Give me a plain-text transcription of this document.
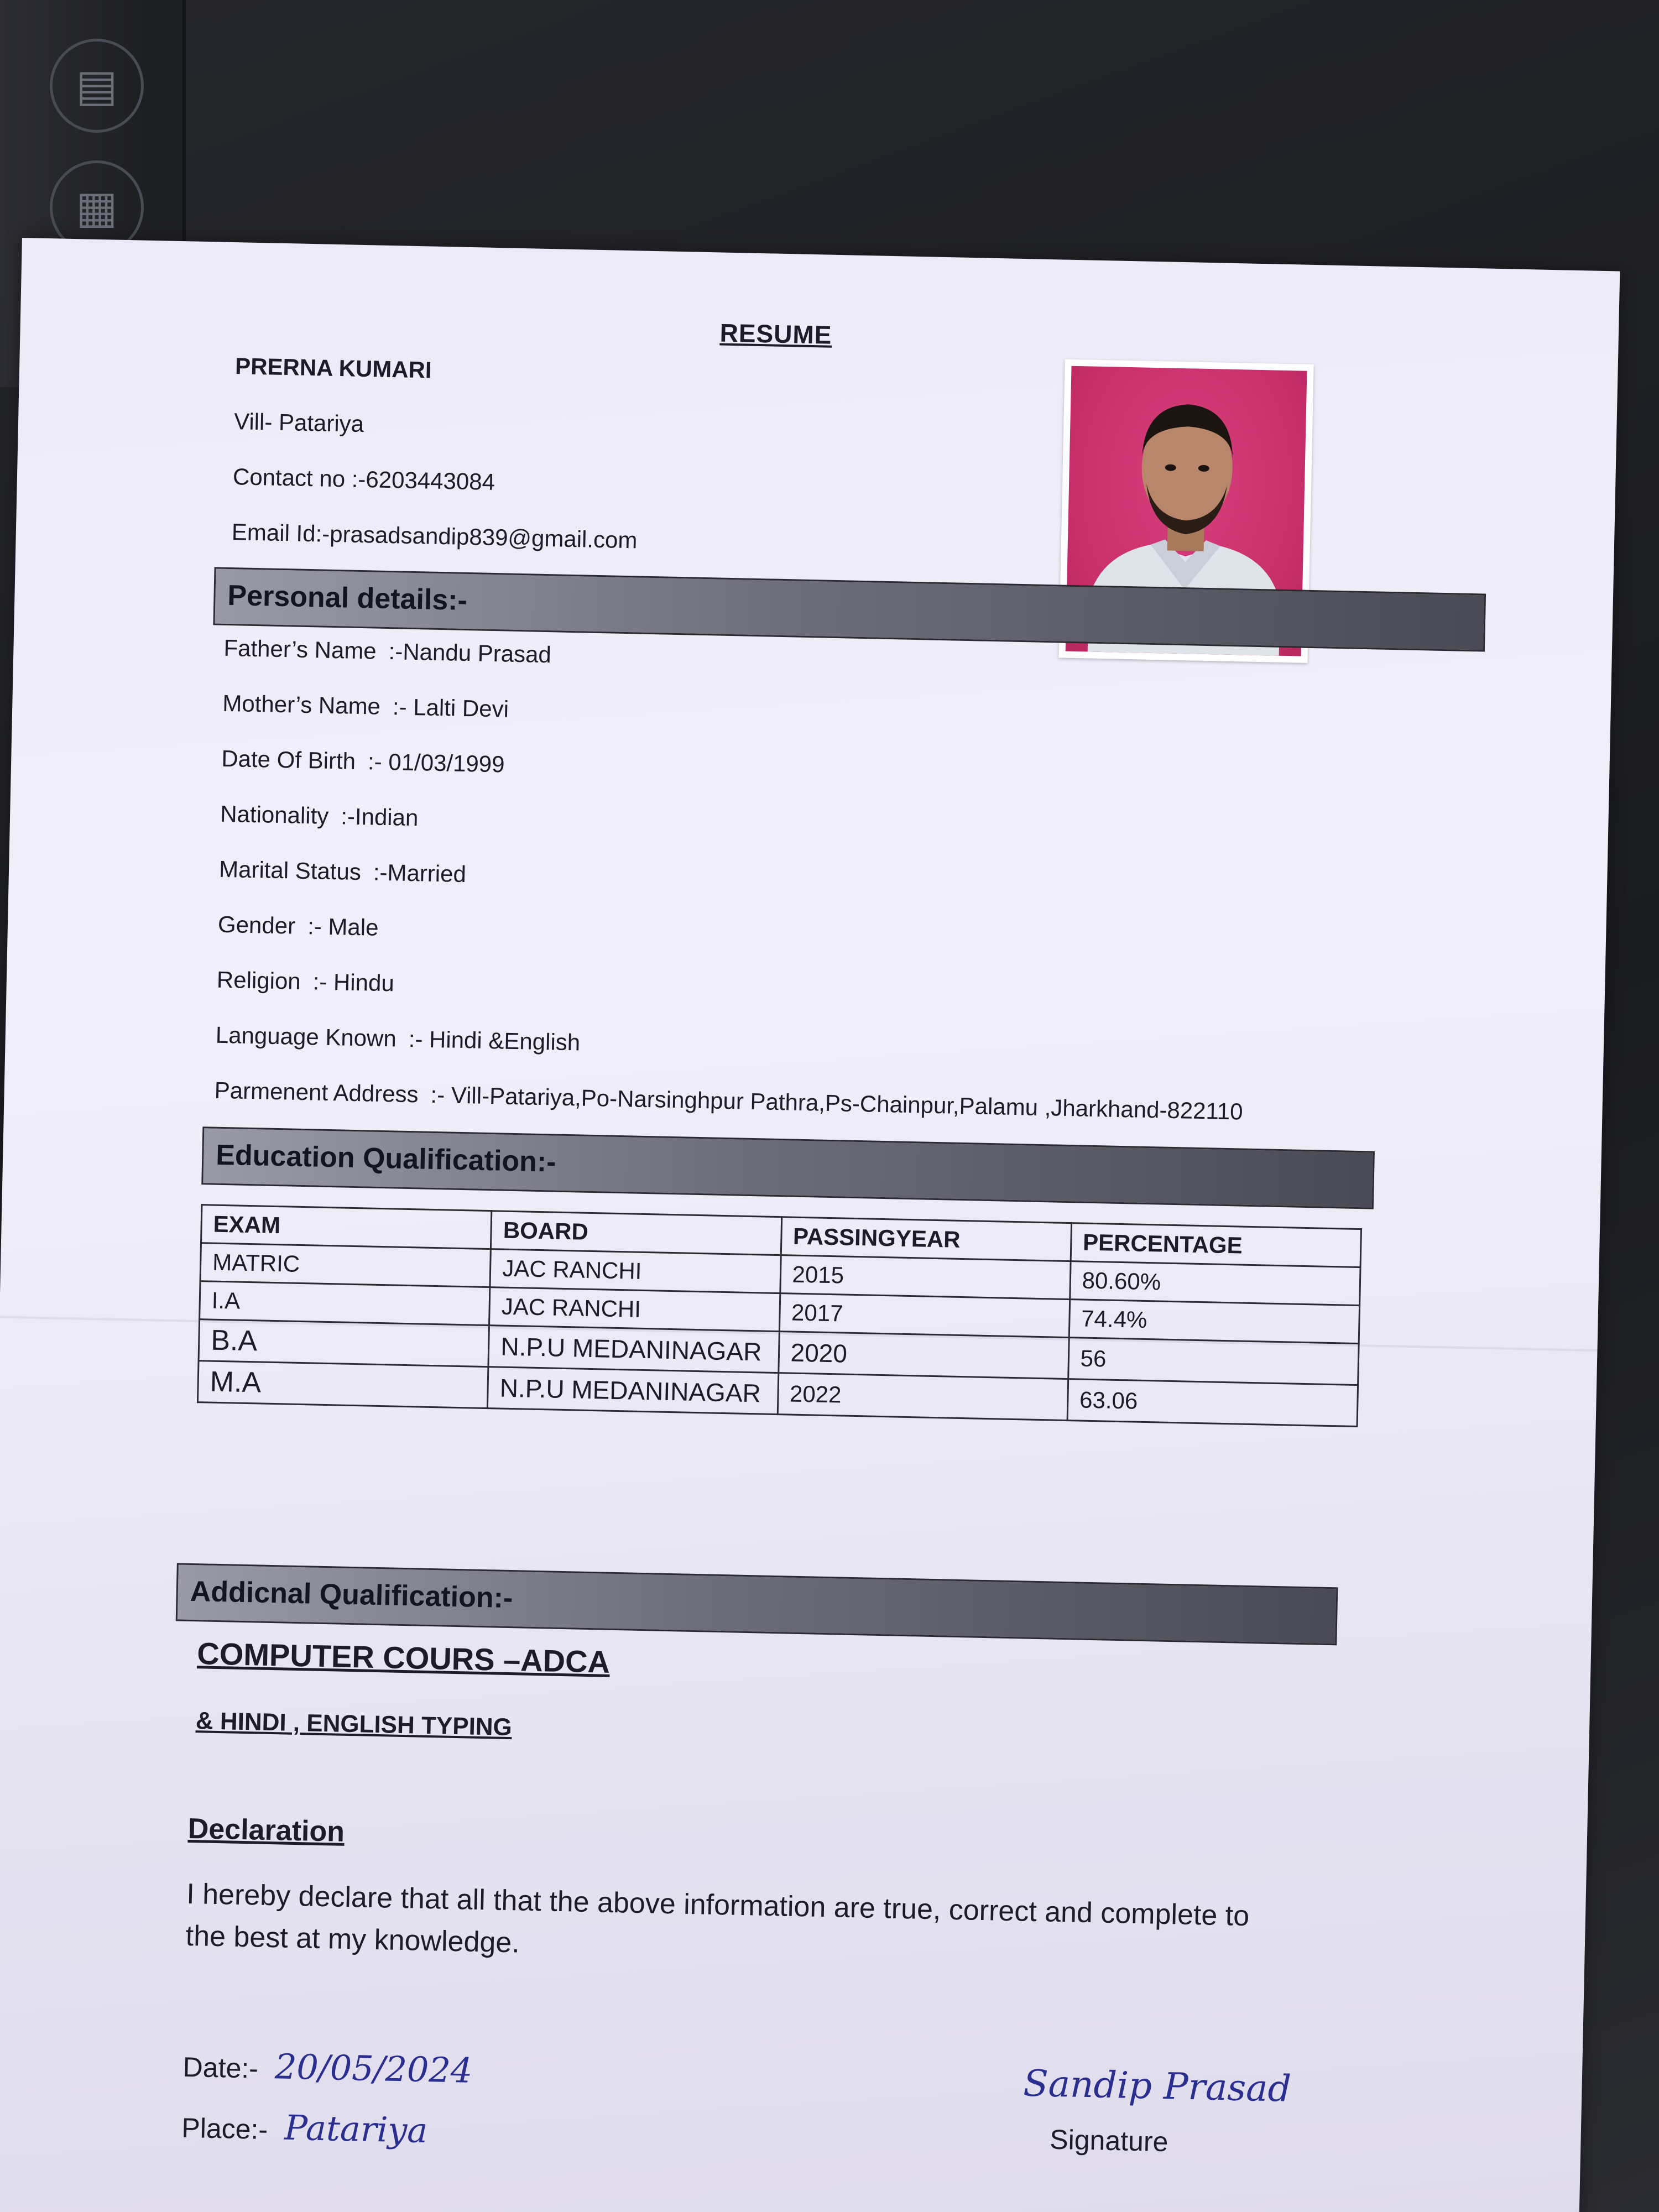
▤
▦
RESUME
PRERNA KUMARI
Vill- Patariya
Contact no :-6203443084
Email Id:-prasadsandip839@gmail.com
Personal details:-
Father’s Name :-Nandu Prasad
Mother’s Name :- Lalti Devi
Date Of Birth :- 01/03/1999
Nationality :-Indian
Marital Status :-Married
Gender :- Male
Religion :- Hindu
Language Known :- Hindi &English
Parmenent Address :- Vill-Patariya,Po-Narsinghpur Pathra,Ps-Chainpur,Palamu ,Jharkhand-822110
Education Qualification:-
EXAM	BOARD	PASSINGYEAR	PERCENTAGE
MATRIC	JAC RANCHI	2015	80.60%
I.A	JAC RANCHI	2017	74.4%
B.A	N.P.U MEDANINAGAR	2020	56
M.A	N.P.U MEDANINAGAR	2022	63.06
Addicnal Qualification:-
COMPUTER COURS –ADCA
& HINDI , ENGLISH TYPING
Declaration
I hereby declare that all that the above information are true, correct and complete to the best at my knowledge.
Date:- 20/05/2024
Place:- Patariya
Sandip Prasad
Signature
